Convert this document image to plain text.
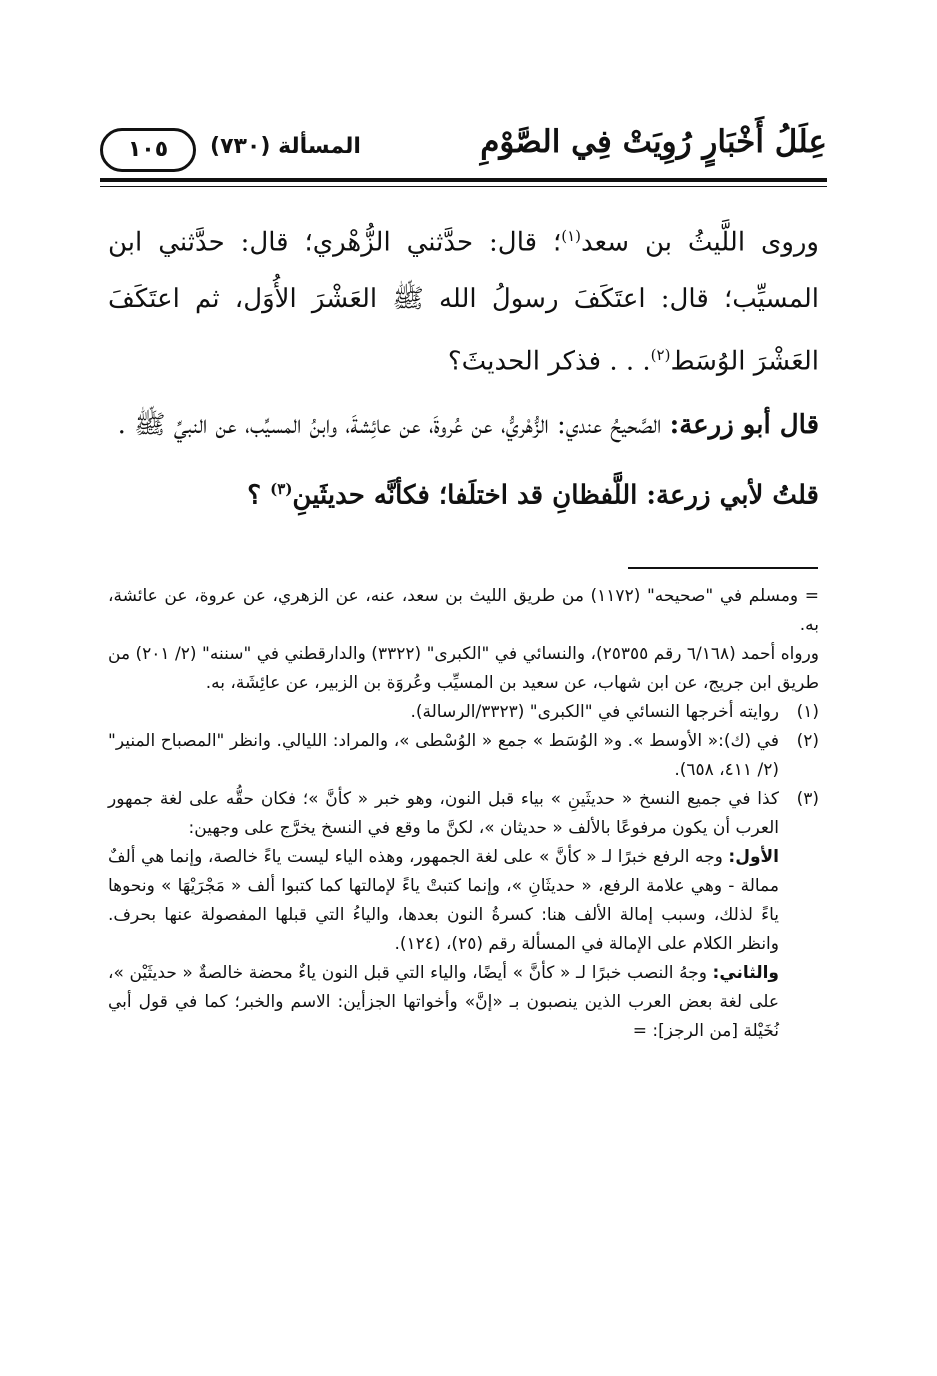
عِلَلُ أَخْبَارٍ رُوِيَتْ فِي الصَّوْمِ
المسألة (٧٣٠)
١٠٥

وروى اللَّيثُ بن سعد$^{(١)}$؛ قال: حدَّثني الزُّهْري؛ قال: حدَّثني ابن المسيِّب؛ قال: اعتَكَفَ رسولُ الله ﷺ العَشْرَ الأُوَل، ثم اعتَكَفَ العَشْرَ الوُسَط$^{(٢)}$. . . فذكر الحديثَ؟

قال أبو زرعة: الصَّحيحُ عندي: الزُّهْريُّ، عن عُروةَ، عن عائِشةَ، وابنُ المسيِّب، عن النبيِّ ﷺ .

قلتُ لأبي زرعة: اللَّفظانِ قد اختلَفا؛ فكأنَّه حديثَينِ$^{(٣)}$ ؟

= ومسلم في "صحيحه" (١١٧٢) من طريق الليث بن سعد، عنه، عن الزهري، عن عروة، عن عائشة، به.

ورواه أحمد (٦/١٦٨ رقم ٢٥٣٥٥)، والنسائي في "الكبرى" (٣٣٢٢) والدارقطني في "سننه" (٢/ ٢٠١) من طريق ابن جريج، عن ابن شهاب، عن سعيد بن المسيِّب وعُروَة بن الزبير، عن عائِشَة، به.

(١)
روايته أخرجها النسائي في "الكبرى" (٣٣٢٣/الرسالة).
(٢)
في (ك):« الأوسط ». و« الوُسَط » جمع « الوُسْطى »، والمراد: الليالي. وانظر "المصباح المنير" (٢/ ٤١١، ٦٥٨).
(٣)
كذا في جميع النسخ « حديثَينِ » بياء قبل النون، وهو خبر « كأنَّ »؛ فكان حقُّه على لغة جمهور العرب أن يكون مرفوعًا بالألف « حديثان »، لكنَّ ما وقع في النسخ يخرَّج على وجهين:

الأول: وجه الرفع خبرًا لـ « كأنَّ » على لغة الجمهور، وهذه الياء ليست ياءً خالصة، وإنما هي ألفٌ ممالة - وهي علامة الرفع، « حديثَانِ »، وإنما كتبتْ ياءً لإمالتها كما كتبوا ألف « مَجْرَيْهَا » ونحوها ياءً لذلك، وسبب إمالة الألف هنا: كسرةُ النون بعدها، والياءُ التي قبلها المفصولة عنها بحرف. وانظر الكلام على الإمالة في المسألة رقم (٢٥)، (١٢٤).

والثاني: وجهُ النصب خبرًا لـ « كأنَّ » أيضًا، والياء التي قبل النون ياءٌ محضة خالصةٌ « حديثَيْن »، على لغة بعض العرب الذين ينصبون بـ «إنَّ» وأخواتها الجزأين: الاسم والخبر؛ كما في قول أبي نُخَيْلة [من الرجز]: =
